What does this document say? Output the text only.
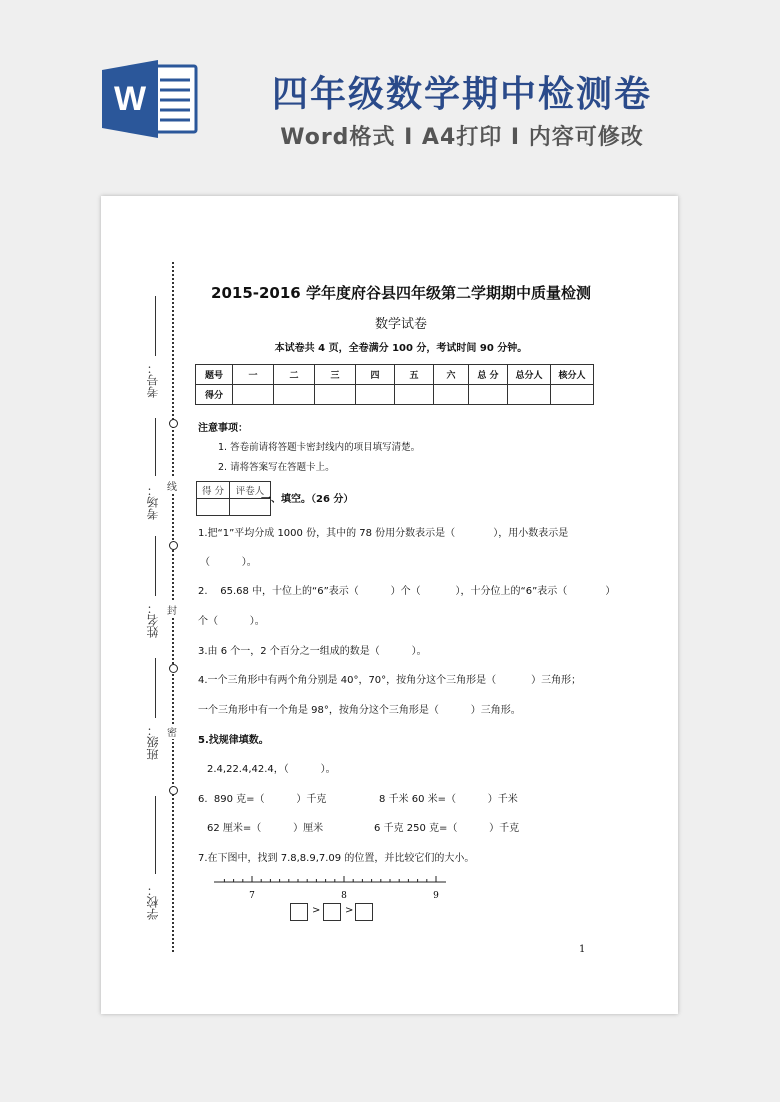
W	四年级数学期中检测卷
Word格式 I A4打印 I 内容可修改
考号：
考场：
姓名：
班级：
学校：
线
封
密
2015-2016 学年度府谷县四年级第二学期期中质量检测
数学试卷
本试卷共 4 页，全卷满分 100 分，考试时间 90 分钟。
题号	一	二	三	四	五	六	总 分	总分人	核分人
得分									
注意事项：
1. 答卷前请将答题卡密封线内的项目填写清楚。
2. 请将答案写在答题卡上。
得 分	评卷人

一、填空。（26 分）
1.把“1”平均分成 1000 份，其中的 78 份用分数表示是（            ），用小数表示是
（          ）。
2.    65.68 中，十位上的“6”表示（          ）个（           ），十分位上的“6”表示（            ）
个（          ）。
3.由 6 个一，2 个百分之一组成的数是（          ）。
4.一个三角形中有两个角分别是 40°，70°，按角分这个三角形是（           ）三角形；
一个三角形中有一个角是 98°，按角分这个三角形是（          ）三角形。
5.找规律填数。
2.4,22.4,42.4，（          ）。
6.  890 克=（          ）千克	8 千米 60 米=（          ）千米
62 厘米=（          ）厘米	6 千克 250 克=（          ）千克
7.在下图中，找到 7.8,8.9,7.09 的位置，并比较它们的大小。
7	8	9
> >
1
